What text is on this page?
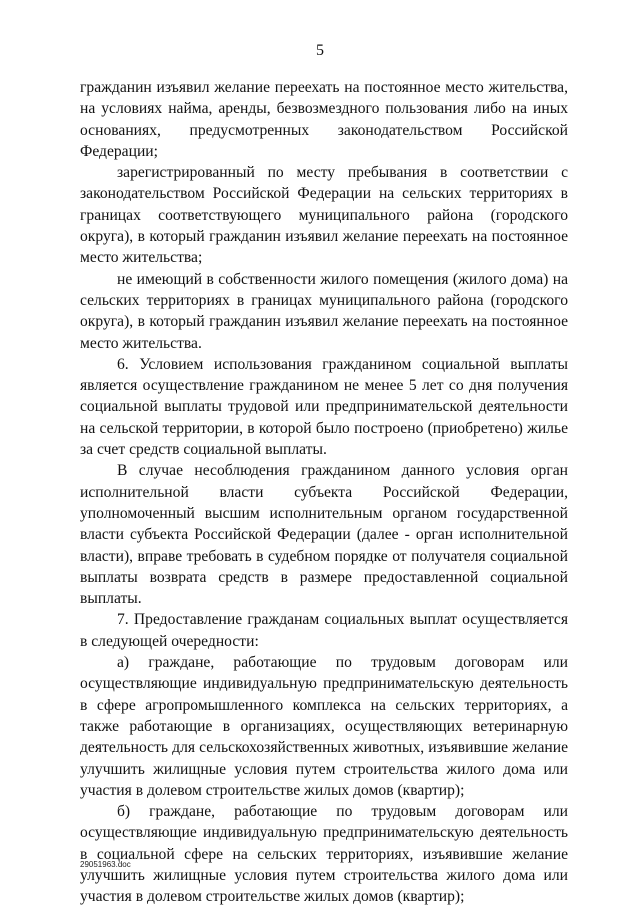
5

гражданин изъявил желание переехать на постоянное место жительства, на условиях найма, аренды, безвозмездного пользования либо на иных основаниях, предусмотренных законодательством Российской Федерации;

зарегистрированный по месту пребывания в соответствии с законодательством Российской Федерации на сельских территориях в границах соответствующего муниципального района (городского округа), в который гражданин изъявил желание переехать на постоянное место жительства;

не имеющий в собственности жилого помещения (жилого дома) на сельских территориях в границах муниципального района (городского округа), в который гражданин изъявил желание переехать на постоянное место жительства.

6. Условием использования гражданином социальной выплаты является осуществление гражданином не менее 5 лет со дня получения социальной выплаты трудовой или предпринимательской деятельности на сельской территории, в которой было построено (приобретено) жилье за счет средств социальной выплаты.

В случае несоблюдения гражданином данного условия орган исполнительной власти субъекта Российской Федерации, уполномоченный высшим исполнительным органом государственной власти субъекта Российской Федерации (далее - орган исполнительной власти), вправе требовать в судебном порядке от получателя социальной выплаты возврата средств в размере предоставленной социальной выплаты.

7. Предоставление гражданам социальных выплат осуществляется в следующей очередности:

а) граждане, работающие по трудовым договорам или осуществляющие индивидуальную предпринимательскую деятельность в сфере агропромышленного комплекса на сельских территориях, а также работающие в организациях, осуществляющих ветеринарную деятельность для сельскохозяйственных животных, изъявившие желание улучшить жилищные условия путем строительства жилого дома или участия в долевом строительстве жилых домов (квартир);

б) граждане, работающие по трудовым договорам или осуществляющие индивидуальную предпринимательскую деятельность в социальной сфере на сельских территориях, изъявившие желание улучшить жилищные условия путем строительства жилого дома или участия в долевом строительстве жилых домов (квартир);

29051963.doc
